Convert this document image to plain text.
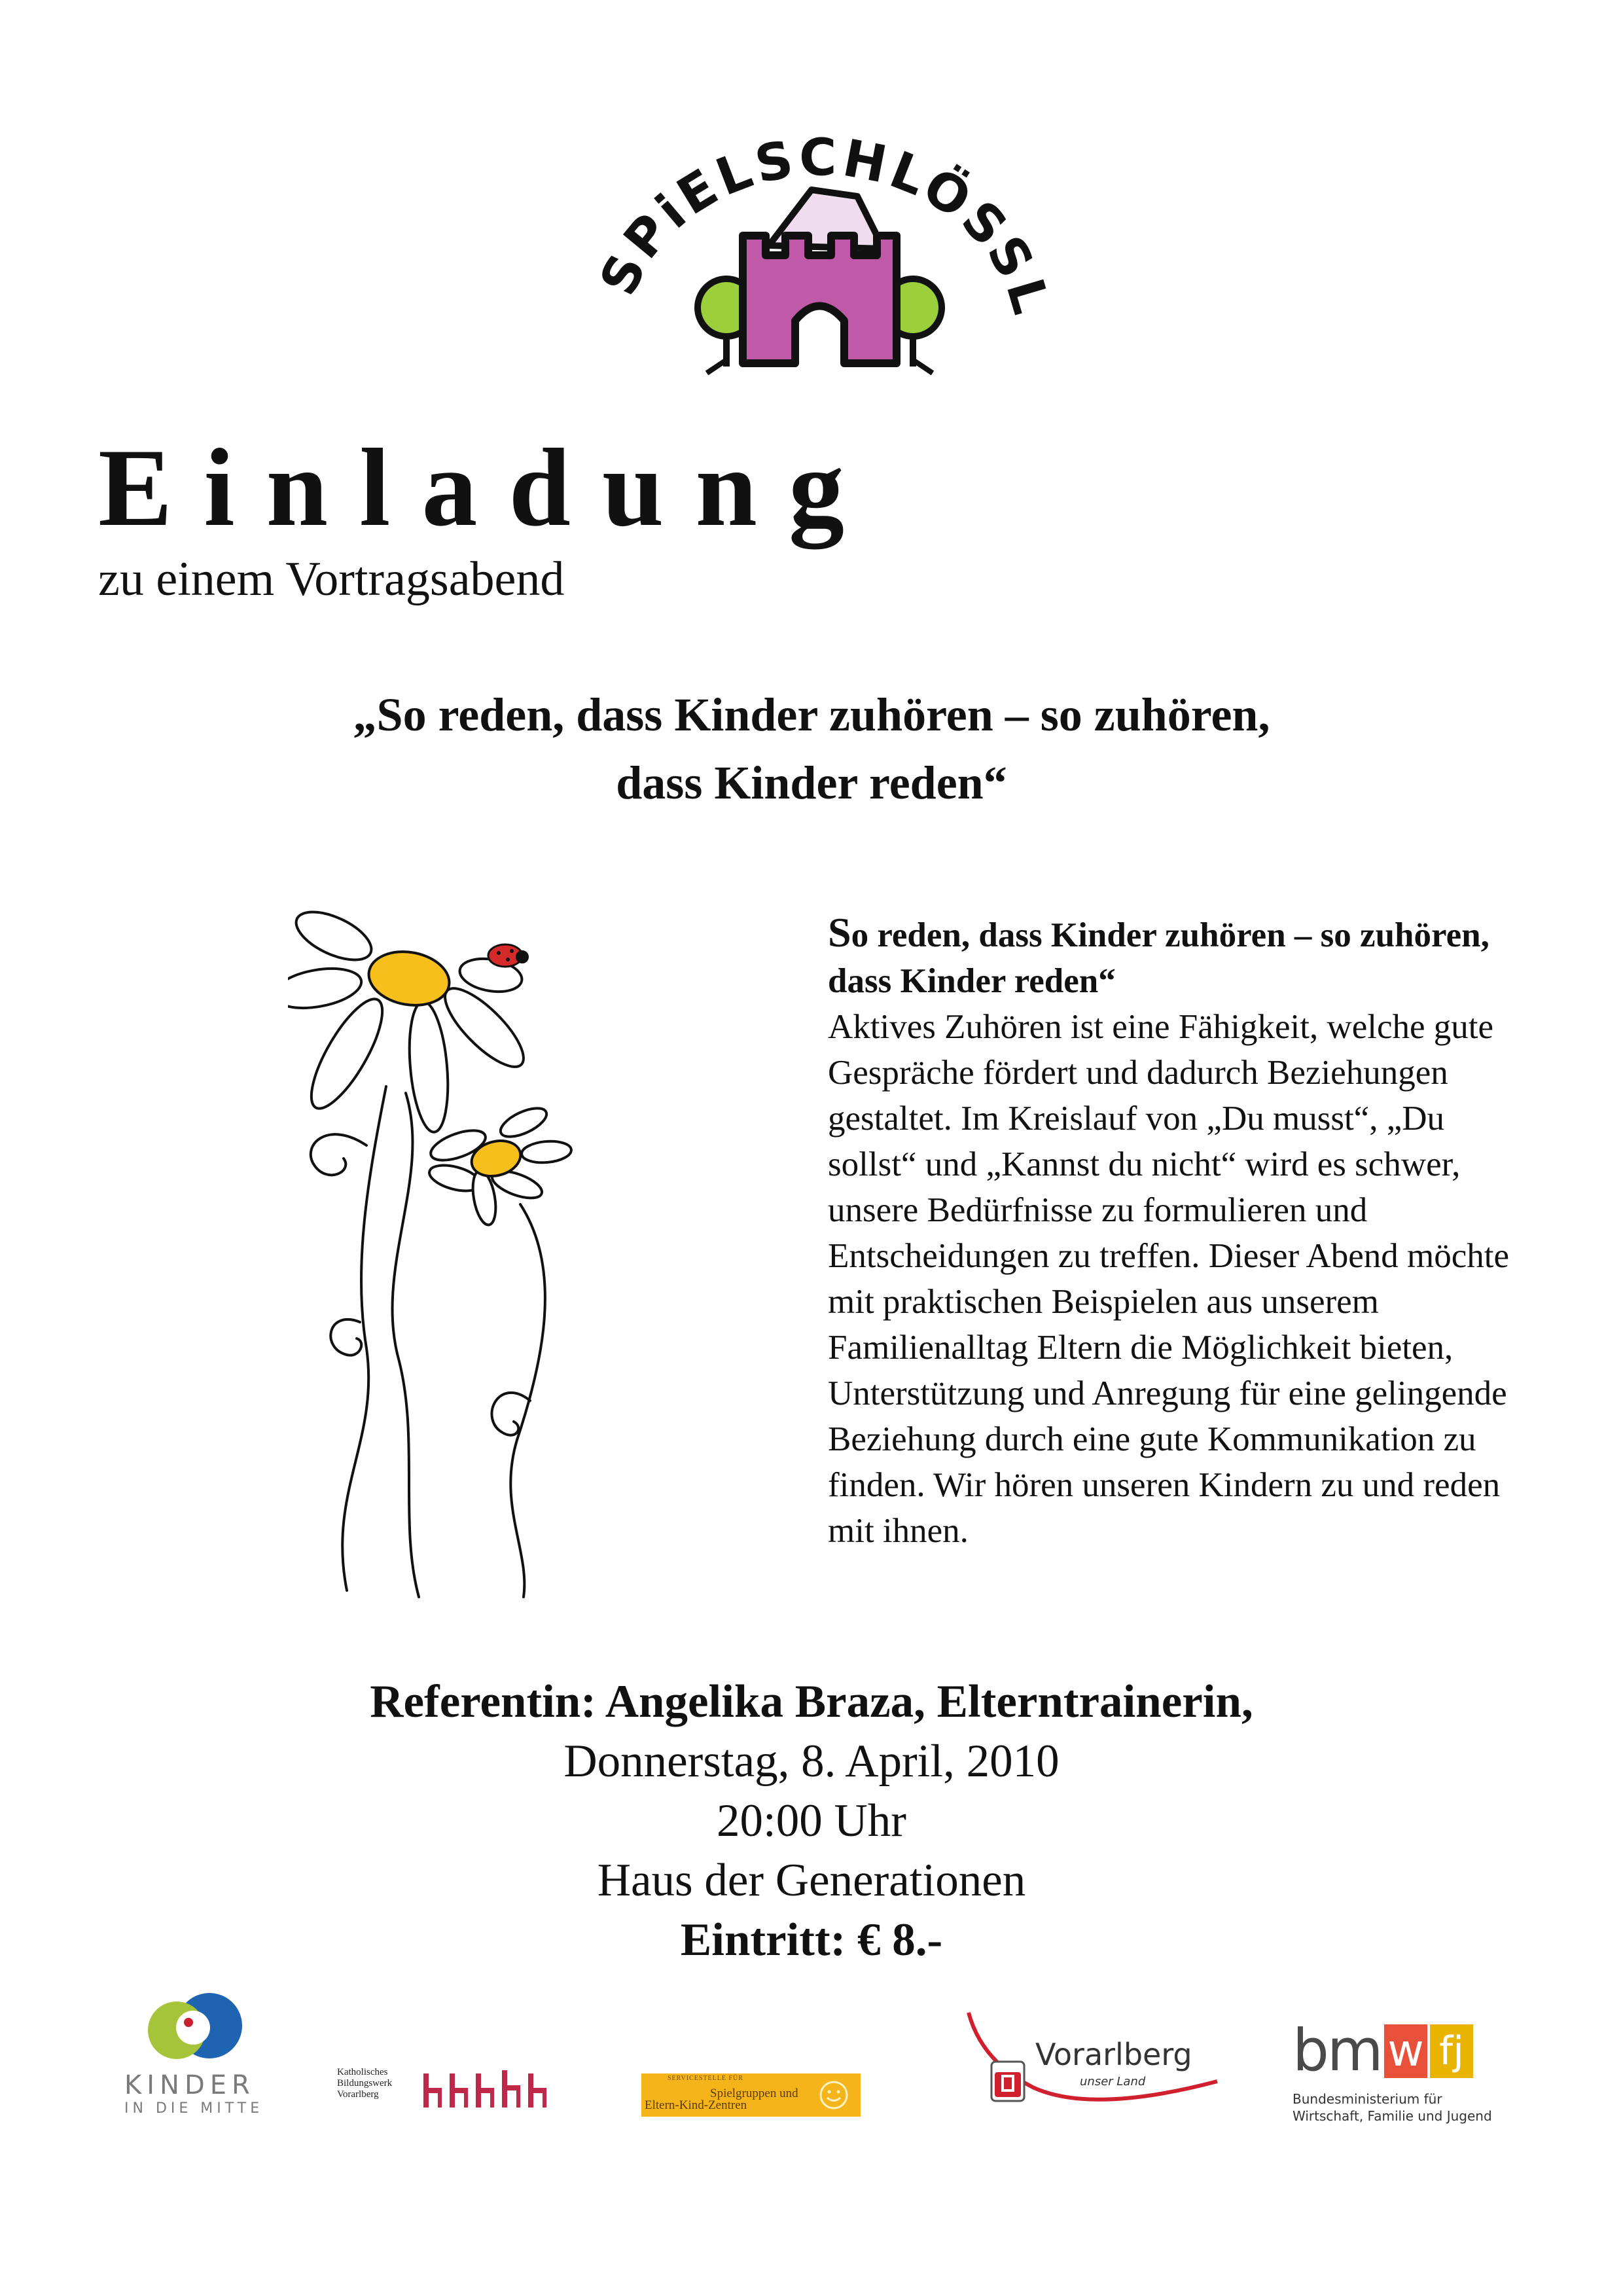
SPiELSCHLÖSSL
Einladung
zu einem Vortragsabend
„So reden, dass Kinder zuhören – so zuhören,
dass Kinder reden“
So reden, dass Kinder zuhören – so zuhören, dass Kinder reden“
Aktives Zuhören ist eine Fähigkeit, welche gute Gespräche fördert und dadurch Beziehungen gestaltet. Im Kreislauf von „Du musst“, „Du sollst“ und „Kannst du nicht“ wird es schwer, unsere Bedürfnisse zu formulieren und Entscheidungen zu treffen. Dieser Abend möchte mit praktischen Beispielen aus unserem Familienalltag Eltern die Möglichkeit bieten, Unterstützung und Anregung für eine gelingende Beziehung durch eine gute Kommunikation zu finden. Wir hören unseren Kindern zu und reden mit ihnen.
Referentin: Angelika Braza, Elterntrainerin,
Donnerstag, 8. April, 2010
20:00 Uhr
Haus der Generationen
Eintritt: € 8.-
KINDER
IN DIE MITTE
Katholisches
Bildungswerk
Vorarlberg
SERVICESTELLE FÜR
Spielgruppen und
Eltern-Kind-Zentren
Vorarlberg
unser Land	bm w fj
Bundesministerium für
Wirtschaft, Familie und Jugend
